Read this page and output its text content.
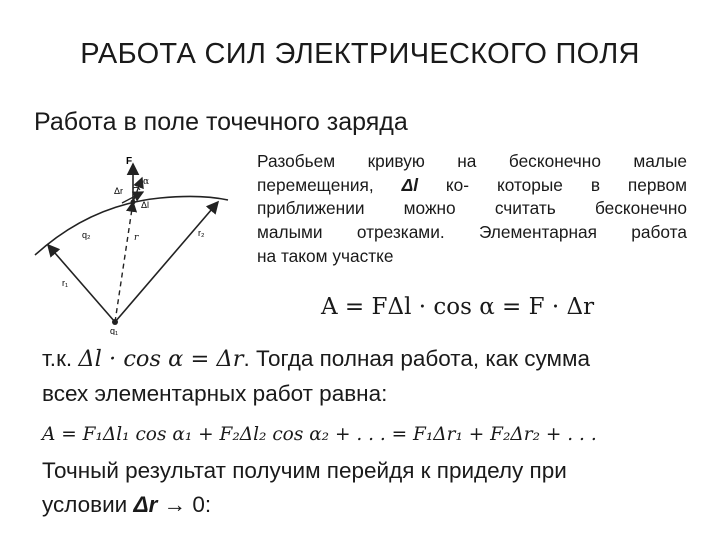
РАБОТА СИЛ ЭЛЕКТРИЧЕСКОГО ПОЛЯ
Работа в поле точечного заряда
F
α
Δr
Δl
q₂	r	r₂
r₁
q₁
Разобьем кривую на бесконечно малые
перемещения, Δl ко- которые в первом
приближении можно считать бесконечно
малыми отрезками. Элементарная работа
на таком участке
A = FΔl · cos α = F · Δr
т.к. Δl · cos α = Δr. Тогда полная работа, как сумма
всех элементарных работ равна:
A = F₁Δl₁ cos α₁ + F₂Δl₂ cos α₂ + . . . = F₁Δr₁ + F₂Δr₂ + . . .
Точный результат получим перейдя к приделу при
условии Δr → 0:
